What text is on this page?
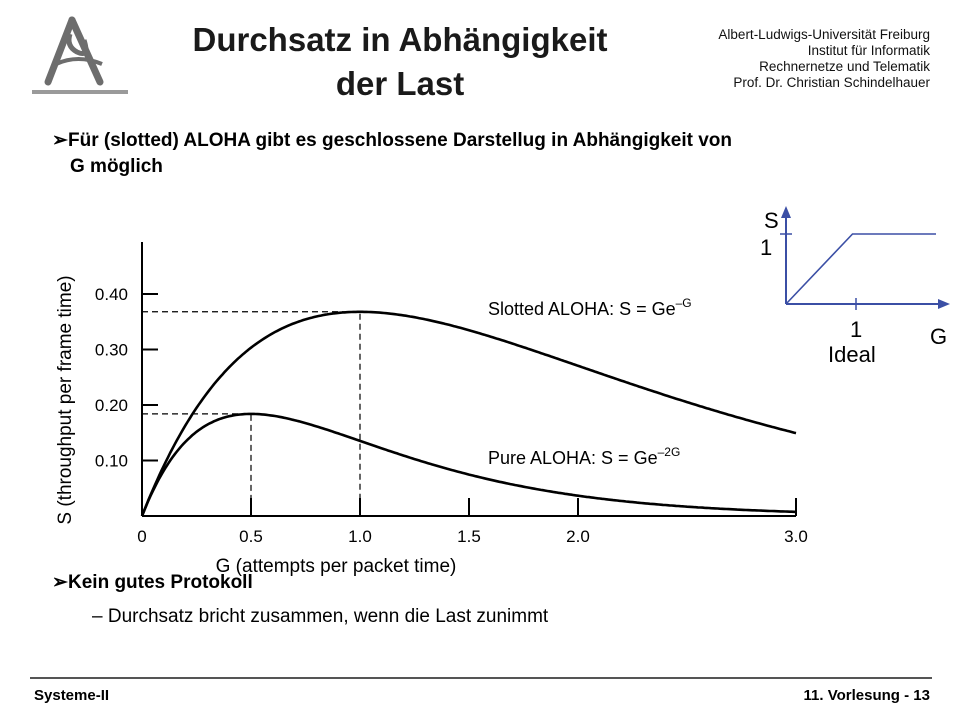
Durchsatz in Abhängigkeit
der Last
Albert-Ludwigs-Universität Freiburg
Institut für Informatik
Rechnernetze und Telematik
Prof. Dr. Christian Schindelhauer
➢Für (slotted) ALOHA gibt es geschlossene Darstellug in Abhängigkeit von
G möglich
0.10
0.20
0.30
0.40
0	0.5	1.0	1.5	2.0	3.0
S (throughput per frame time)
G (attempts per packet time)
Slotted ALOHA: $S = Ge^{-G}$
Pure ALOHA: $S = Ge^{-2G}$
S
1
1	G
Ideal
➢Kein gutes Protokoll
– Durchsatz bricht zusammen, wenn die Last zunimmt
Systeme-II	11. Vorlesung - 13
